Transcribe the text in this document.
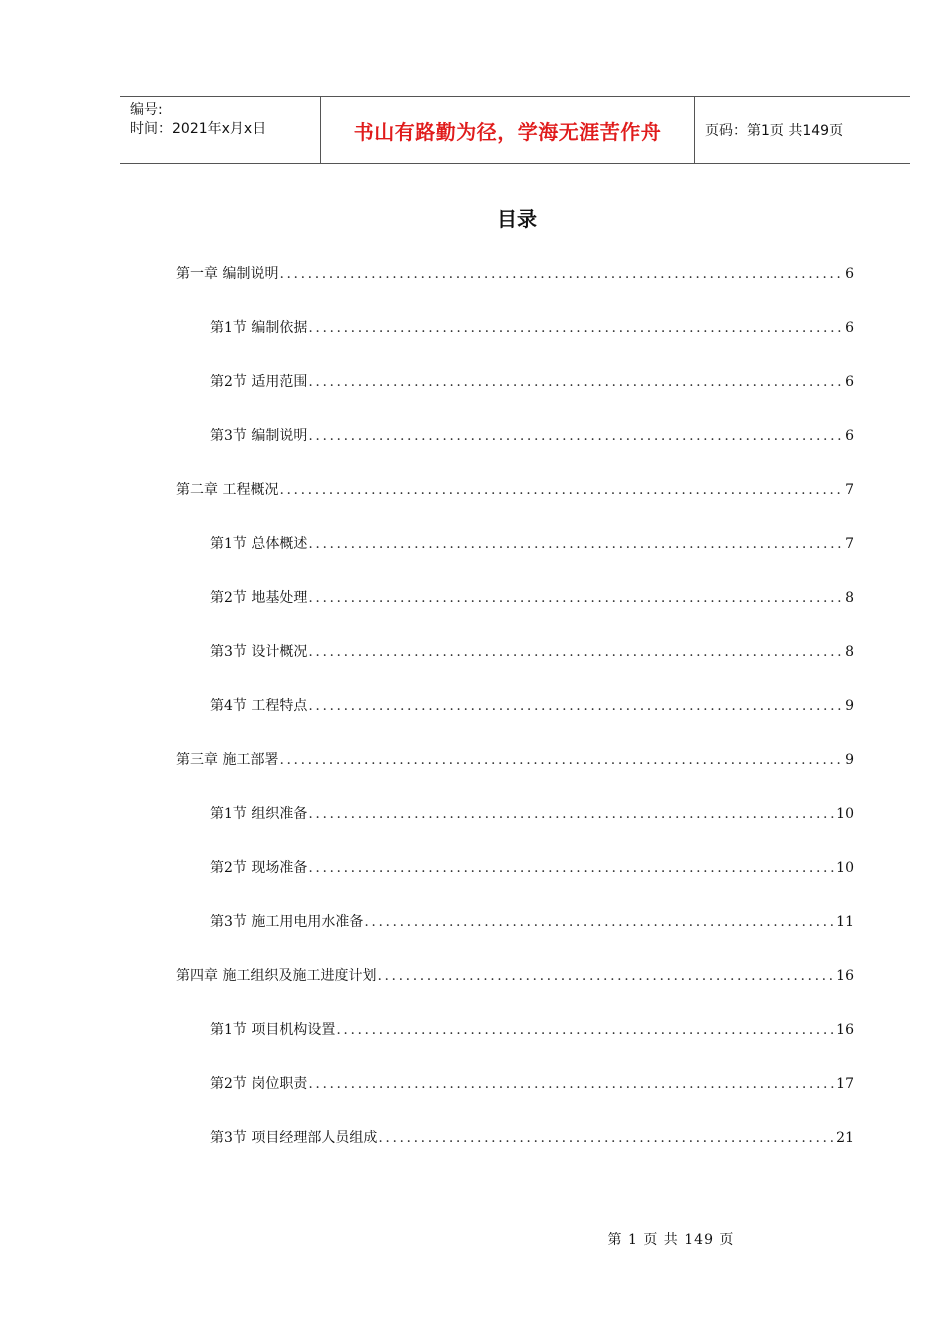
编号:
时间：2021年x月x日	书山有路勤为径，学海无涯苦作舟	页码：第1页 共149页
目录
第一章 编制说明 .....	6
第1节 编制依据 .....	6
第2节 适用范围 .....	6
第3节 编制说明 .....	6
第二章 工程概况 .....	7
第1节 总体概述 .....	7
第2节 地基处理 .....	8
第3节 设计概况 .....	8
第4节 工程特点 .....	9
第三章 施工部署 .....	9
第1节 组织准备 .....	10
第2节 现场准备 .....	10
第3节 施工用电用水准备 .....	11
第四章 施工组织及施工进度计划 .....	16
第1节 项目机构设置 .....	16
第2节 岗位职责 .....	17
第3节 项目经理部人员组成 .....	21
第 1 页 共 149 页
